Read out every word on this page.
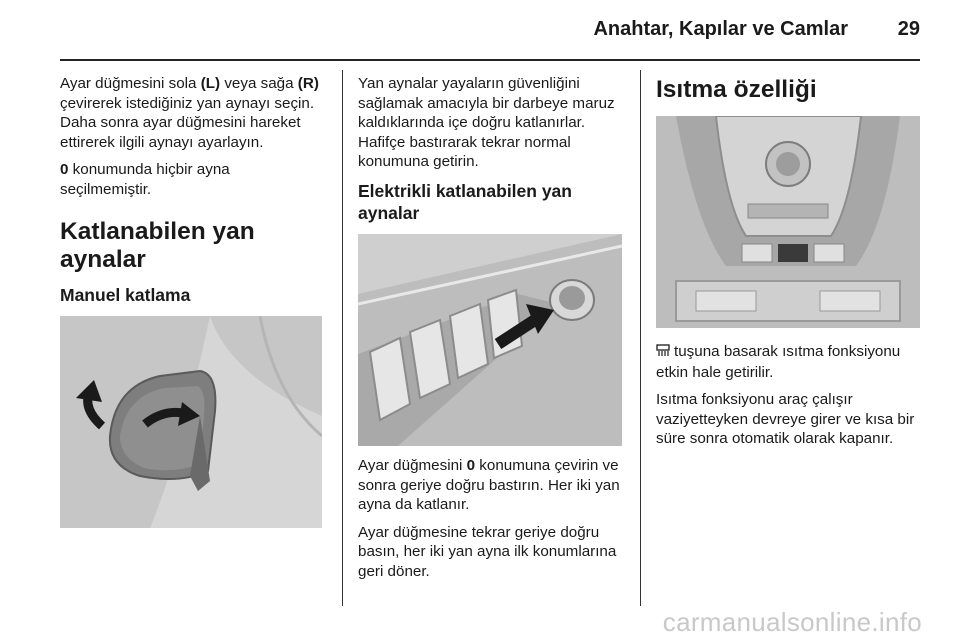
Anahtar, Kapılar ve Camlar 29

Ayar düğmesini sola (L) veya sağa (R) çevirerek istediğiniz yan aynayı seçin. Daha sonra ayar düğmesini hareket ettirerek ilgili aynayı ayarlayın.

0 konumunda hiçbir ayna seçilmemiştir.

Katlanabilen yan aynalar
Manuel katlama

Yan aynalar yayaların güvenliğini sağlamak amacıyla bir darbeye maruz kaldıklarında içe doğru katlanırlar. Hafifçe bastırarak tekrar normal konumuna getirin.

Elektrikli katlanabilen yan aynalar

Ayar düğmesini 0 konumuna çevirin ve sonra geriye doğru bastırın. Her iki yan ayna da katlanır.

Ayar düğmesine tekrar geriye doğru basın, her iki yan ayna ilk konumlarına geri döner.

Isıtma özelliği

tuşuna basarak ısıtma fonksiyonu etkin hale getirilir.

Isıtma fonksiyonu araç çalışır vaziyetteyken devreye girer ve kısa bir süre sonra otomatik olarak kapanır.

carmanualsonline.info
